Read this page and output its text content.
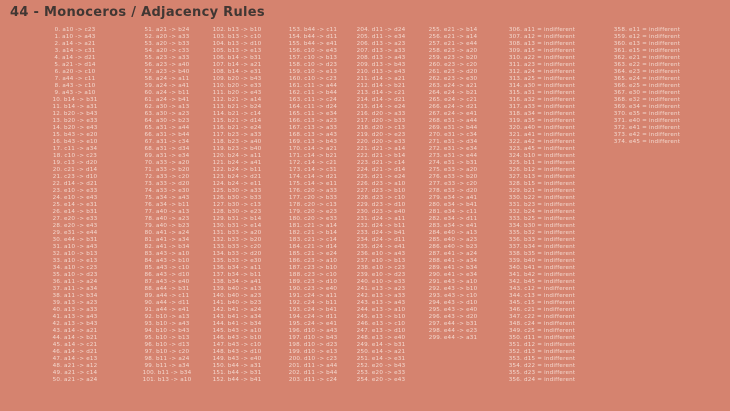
44 - Monoceros / Adjacency Rules
0. a10 -> c23
1. a10 -> a43
2. a14 -> a21
3. a14 -> c31
4. a14 -> d21
5. a21 -> d14
6. a20 -> c10
7. a44 -> c11
8. a43 -> c10
9. a43 -> a10
10. b14 -> b31
11. b14 -> a31
12. b20 -> b43
13. b20 -> e33
14. b20 -> e43
15. b43 -> e20
16. b43 -> e10
17. c11 -> a34
18. c10 -> c23
19. c13 -> d20
20. c21 -> d14
21. c23 -> d10
22. d14 -> d21
23. e10 -> e33
24. e10 -> e43
25. e14 -> e31
26. e14 -> b31
27. e20 -> e33
28. e20 -> e43
29. e31 -> e44
30. e44 -> b31
31. a10 -> a43
32. a10 -> b13
33. a10 -> e13
34. a10 -> c23
35. a10 -> d23
36. a11 -> a24
37. a11 -> a34
38. a11 -> b34
39. a13 -> a23
40. a13 -> a33
41. a13 -> a43
42. a13 -> b43
43. a14 -> a21
44. a14 -> b21
45. a14 -> c21
46. a14 -> d21
47. a14 -> e13
48. a21 -> a12
49. a21 -> c14
50. a21 -> a24
51. a21 -> b24
52. a20 -> a33
53. a20 -> b33
54. a20 -> c33
55. a23 -> a33
56. a23 -> a40
57. a23 -> b40
58. a24 -> a11
59. a24 -> a41
60. a24 -> b11
61. a24 -> b41
62. a30 -> a13
63. a30 -> a23
64. a30 -> b23
65. a31 -> a44
66. a31 -> b44
67. a31 -> c34
68. a31 -> d34
69. a31 -> e34
70. a33 -> a20
71. a33 -> b20
72. a33 -> c20
73. a33 -> d20
74. a33 -> e30
75. a34 -> a43
76. a34 -> b11
77. a40 -> a13
78. a40 -> a23
79. a40 -> b23
80. a41 -> a24
81. a41 -> a34
82. a41 -> b34
83. a43 -> a10
84. a43 -> b10
85. a43 -> c10
86. a43 -> d10
87. a43 -> e40
88. a44 -> b31
89. a44 -> c11
90. a44 -> d11
91. a44 -> e41
92. b10 -> a13
93. b10 -> a43
94. b10 -> b43
95. b10 -> b13
96. b10 -> d13
97. b10 -> c20
98. b11 -> a24
99. b11 -> a34
100. b11 -> b34
101. b13 -> a10
102. b13 -> b10
103. b13 -> c10
104. b13 -> d10
105. b13 -> e13
106. b14 -> b31
107. b14 -> a21
108. b14 -> e31
109. b20 -> b43
110. b20 -> e33
111. b20 -> e43
112. b21 -> a14
113. b21 -> b24
114. b21 -> c14
115. b21 -> d14
116. b21 -> e24
117. b23 -> a33
118. b23 -> a40
119. b23 -> b40
120. b24 -> a11
121. b24 -> a41
122. b24 -> b11
123. b24 -> d21
124. b24 -> e11
125. b30 -> a33
126. b30 -> b33
127. b30 -> c13
128. b30 -> e23
129. b31 -> b14
130. b31 -> e14
131. b33 -> a20
132. b33 -> b20
133. b33 -> c20
134. b33 -> d20
135. b33 -> e30
136. b34 -> a11
137. b34 -> b11
138. b34 -> a41
139. b40 -> a13
140. b40 -> a23
141. b40 -> b23
142. b41 -> a24
143. b41 -> a34
144. b41 -> b34
145. b43 -> a10
146. b43 -> b10
147. b43 -> c10
148. b43 -> d10
149. b43 -> e40
150. b44 -> a31
151. b44 -> b31
152. b44 -> b41
153. b44 -> c11
154. b44 -> d11
155. b44 -> e41
156. c10 -> e43
157. c10 -> b13
158. c10 -> d23
159. c10 -> e13
160. c10 -> c23
161. c11 -> a44
162. c11 -> b44
163. c11 -> c24
164. c11 -> d24
165. c11 -> e34
166. c13 -> a23
167. c13 -> a33
168. c13 -> a43
169. c13 -> b43
170. c14 -> a21
171. c14 -> b21
172. c14 -> c21
173. c14 -> c31
174. c14 -> d21
175. c14 -> e11
176. c20 -> a33
177. c20 -> b33
178. c20 -> c13
179. c20 -> e23
180. c20 -> e33
181. c21 -> a14
182. c21 -> b14
183. c21 -> c14
184. c21 -> d14
185. c21 -> e24
186. c23 -> a10
187. c23 -> b10
188. c23 -> c10
189. c23 -> d10
190. c23 -> e40
191. c24 -> a11
192. c24 -> b11
193. c24 -> b41
194. c24 -> d11
195. c24 -> e41
196. d10 -> a43
197. d10 -> b43
198. d10 -> d23
199. d10 -> e13
200. d10 -> c23
201. d11 -> a44
202. d11 -> b44
203. d11 -> c24
204. d11 -> d24
205. d11 -> e34
206. d13 -> a23
207. d13 -> a33
208. d13 -> a43
209. d13 -> b43
210. d13 -> e43
211. d14 -> a21
212. d14 -> b21
213. d14 -> c21
214. d14 -> d21
215. d14 -> e24
216. d20 -> a33
217. d20 -> b33
218. d20 -> c13
219. d20 -> e23
220. d20 -> e33
221. d21 -> a14
222. d21 -> b14
223. d21 -> c14
224. d21 -> d14
225. d21 -> e24
226. d23 -> a10
227. d23 -> b10
228. d23 -> c10
229. d23 -> d10
230. d23 -> e40
231. d24 -> a11
232. d24 -> b11
233. d24 -> b41
234. d24 -> d11
235. d24 -> e41
236. e10 -> a43
237. e10 -> b13
238. e10 -> c23
239. e10 -> d23
240. e10 -> e33
241. e13 -> a23
242. e13 -> a33
243. e13 -> a43
244. e13 -> a10
245. e13 -> b10
246. e13 -> c10
247. e13 -> d10
248. e13 -> e40
249. e14 -> b31
250. e14 -> a21
251. e14 -> e31
252. e20 -> b43
253. e20 -> e33
254. e20 -> e43
255. e21 -> b14
256. e21 -> a14
257. e21 -> e44
258. e23 -> a20
259. e23 -> b20
260. e23 -> c20
261. e23 -> d20
262. e23 -> e30
263. e24 -> a21
264. e24 -> b21
265. e24 -> c21
266. e24 -> d21
267. e24 -> e41
268. e31 -> a44
269. e31 -> b44
270. e31 -> c34
271. e31 -> d34
272. e31 -> e34
273. e31 -> e44
274. e31 -> b31
275. e33 -> a20
276. e33 -> b20
277. e33 -> c20
278. e33 -> d20
279. e34 -> a41
280. e34 -> b41
281. e34 -> c11
282. e34 -> d11
283. e34 -> e41
284. e40 -> a13
285. e40 -> a23
286. e40 -> b23
287. e41 -> a24
288. e41 -> a34
289. e41 -> b34
290. e41 -> e34
291. e43 -> a10
292. e43 -> b10
293. e43 -> c10
294. e43 -> d10
295. e43 -> e40
296. e43 -> d20
297. e44 -> b31
298. e44 -> e23
299. e44 -> a31
306. a11 = indifferent
307. a12 = indifferent
308. a13 = indifferent
309. a15 = indifferent
310. a22 = indifferent
311. a23 = indifferent
312. a24 = indifferent
313. a25 = indifferent
314. a30 = indifferent
315. a31 = indifferent
316. a32 = indifferent
317. a33 = indifferent
318. a34 = indifferent
319. a35 = indifferent
320. a40 = indifferent
321. a41 = indifferent
322. a42 = indifferent
323. a45 = indifferent
324. b10 = indifferent
325. b11 = indifferent
326. b12 = indifferent
327. b13 = indifferent
328. b15 = indifferent
329. b21 = indifferent
330. b22 = indifferent
331. b23 = indifferent
332. b24 = indifferent
333. b25 = indifferent
334. b30 = indifferent
335. b32 = indifferent
336. b33 = indifferent
337. b34 = indifferent
338. b35 = indifferent
339. b40 = indifferent
340. b41 = indifferent
341. b42 = indifferent
342. b45 = indifferent
343. c12 = indifferent
344. c13 = indifferent
345. c15 = indifferent
346. c21 = indifferent
347. c22 = indifferent
348. c24 = indifferent
349. c25 = indifferent
350. d11 = indifferent
351. d12 = indifferent
352. d13 = indifferent
353. d15 = indifferent
354. d22 = indifferent
355. d23 = indifferent
356. d24 = indifferent
358. e11 = indifferent
359. e12 = indifferent
360. e13 = indifferent
361. e15 = indifferent
362. e21 = indifferent
363. e22 = indifferent
364. e23 = indifferent
365. e24 = indifferent
366. e25 = indifferent
367. e30 = indifferent
368. e32 = indifferent
369. e34 = indifferent
370. e35 = indifferent
371. e40 = indifferent
372. e41 = indifferent
373. e42 = indifferent
374. e45 = indifferent
